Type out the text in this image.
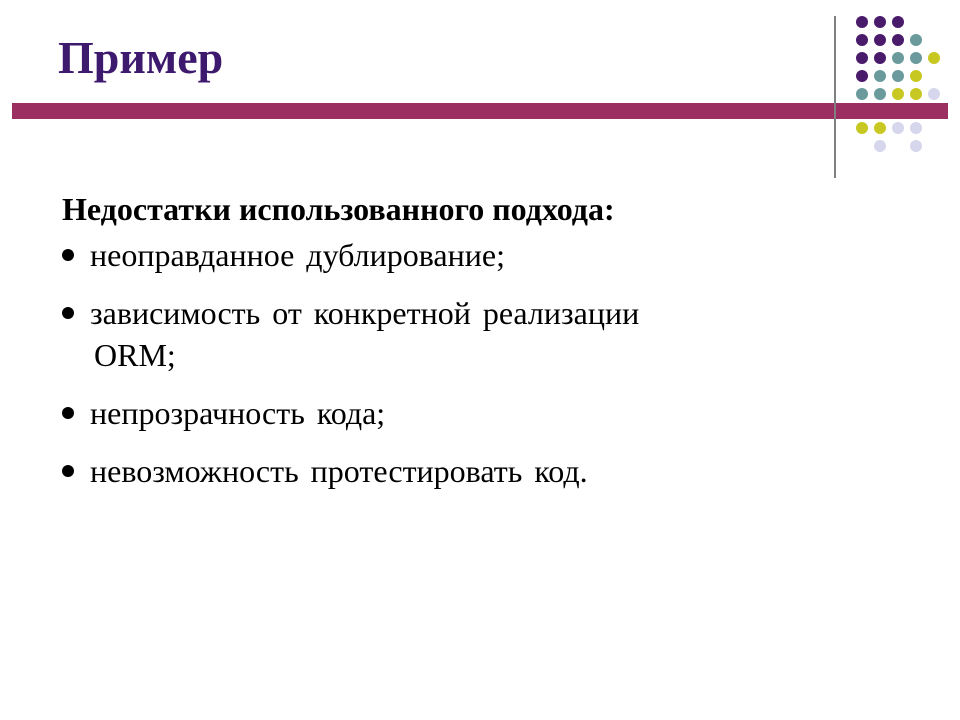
Пример
Недостатки использованного подхода:
неоправданное дублирование;
зависимость от конкретной реализации
ORM;
непрозрачность кода;
невозможность протестировать код.
